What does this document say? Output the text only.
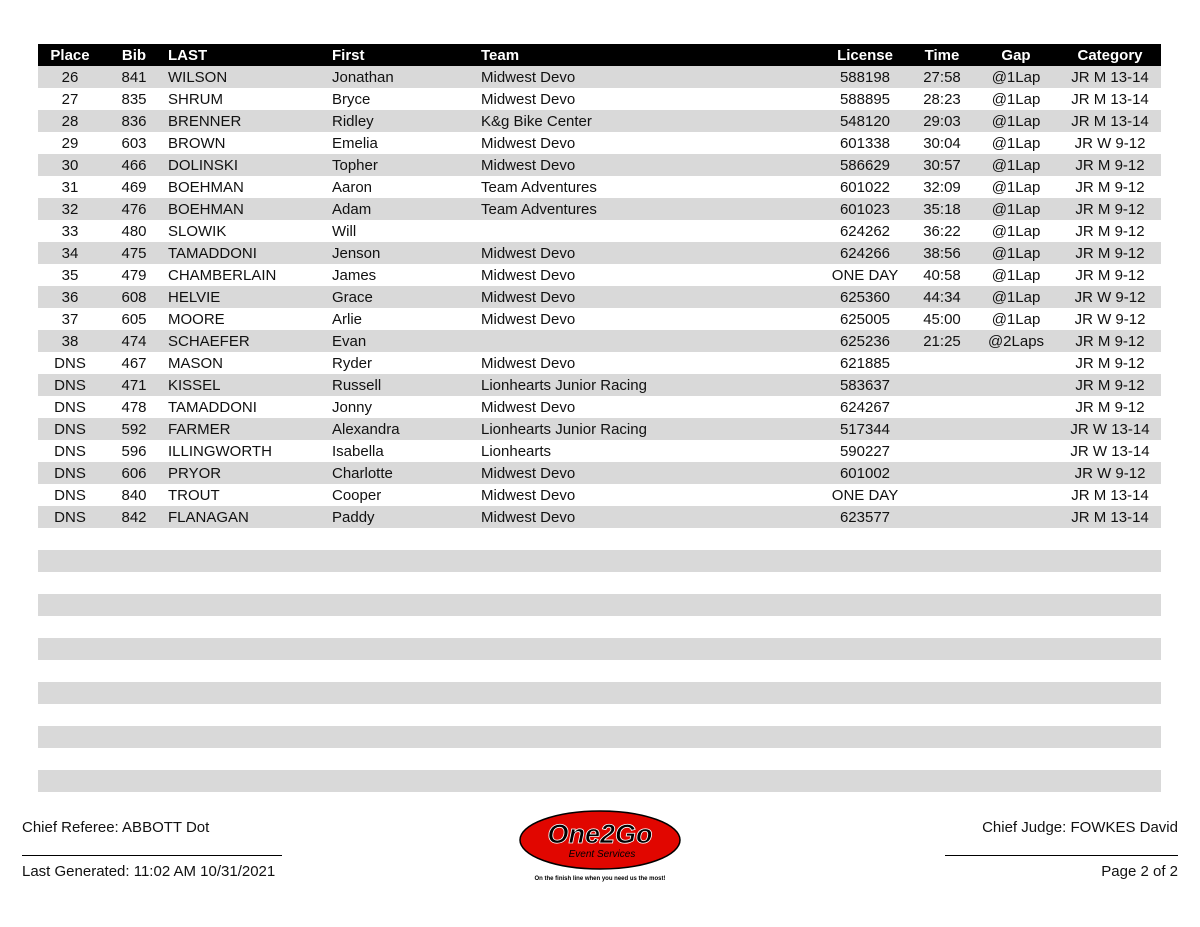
Place	Bib	LAST	First	Team	License	Time	Gap	Category
26	841	WILSON	Jonathan	Midwest Devo	588198	27:58	@1Lap	JR M 13-14
27	835	SHRUM	Bryce	Midwest Devo	588895	28:23	@1Lap	JR M 13-14
28	836	BRENNER	Ridley	K&g Bike Center	548120	29:03	@1Lap	JR M 13-14
29	603	BROWN	Emelia	Midwest Devo	601338	30:04	@1Lap	JR W 9-12
30	466	DOLINSKI	Topher	Midwest Devo	586629	30:57	@1Lap	JR M 9-12
31	469	BOEHMAN	Aaron	Team Adventures	601022	32:09	@1Lap	JR M 9-12
32	476	BOEHMAN	Adam	Team Adventures	601023	35:18	@1Lap	JR M 9-12
33	480	SLOWIK	Will		624262	36:22	@1Lap	JR M 9-12
34	475	TAMADDONI	Jenson	Midwest Devo	624266	38:56	@1Lap	JR M 9-12
35	479	CHAMBERLAIN	James	Midwest Devo	ONE DAY	40:58	@1Lap	JR M 9-12
36	608	HELVIE	Grace	Midwest Devo	625360	44:34	@1Lap	JR W 9-12
37	605	MOORE	Arlie	Midwest Devo	625005	45:00	@1Lap	JR W 9-12
38	474	SCHAEFER	Evan		625236	21:25	@2Laps	JR M 9-12
DNS	467	MASON	Ryder	Midwest Devo	621885			JR M 9-12
DNS	471	KISSEL	Russell	Lionhearts Junior Racing	583637			JR M 9-12
DNS	478	TAMADDONI	Jonny	Midwest Devo	624267			JR M 9-12
DNS	592	FARMER	Alexandra	Lionhearts Junior Racing	517344			JR W 13-14
DNS	596	ILLINGWORTH	Isabella	Lionhearts	590227			JR W 13-14
DNS	606	PRYOR	Charlotte	Midwest Devo	601002			JR W 9-12
DNS	840	TROUT	Cooper	Midwest Devo	ONE DAY			JR M 13-14
DNS	842	FLANAGAN	Paddy	Midwest Devo	623577			JR M 13-14
Chief Referee: ABBOTT Dot
Last Generated: 11:02 AM 10/31/2021
Chief Judge: FOWKES David
Page 2 of 2
One2Go
Event Services
On the finish line when you need us the most!
